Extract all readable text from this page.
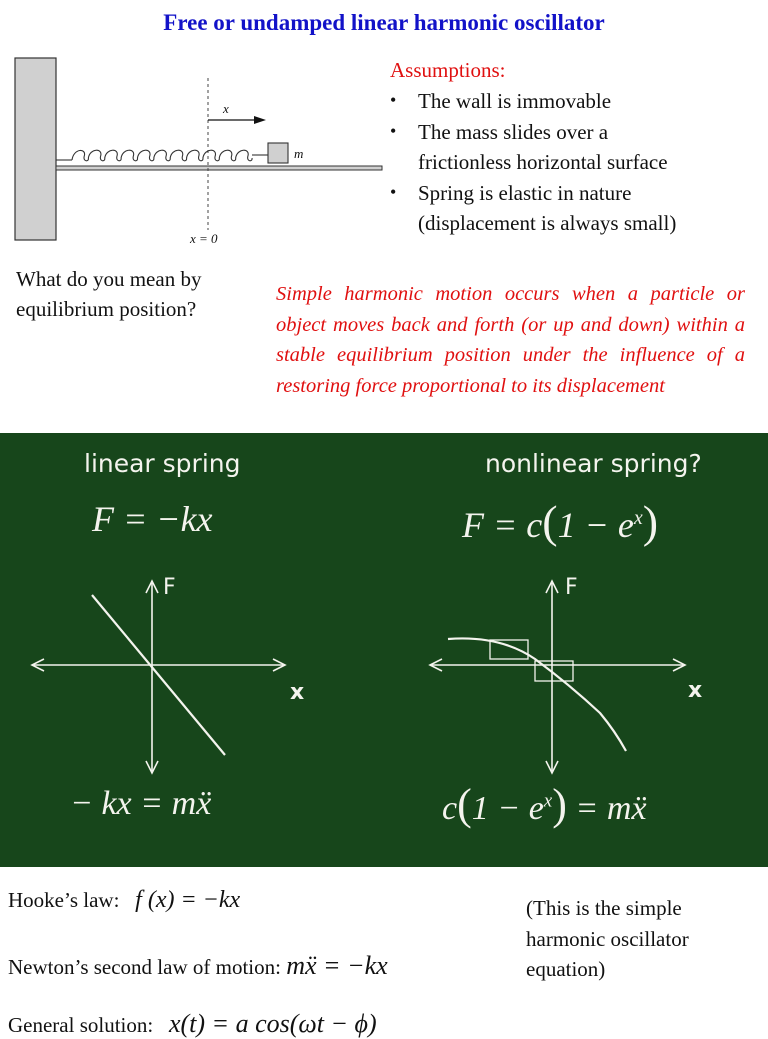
Free or undamped linear harmonic oscillator
x
m
x = 0
Assumptions:
• The wall is immovable
• The mass slides over a
frictionless horizontal surface
• Spring is elastic in nature
(displacement is always small)
What do you mean by
equilibrium position?
Simple harmonic motion occurs when a particle or object moves back and forth (or up and down) within a stable equilibrium position under the influence of a restoring force proportional to its displacement
linear spring
F = −kx
F
x
− kx = mẍ
nonlinear spring?
$F = c(1 - e^x)$
F
x
$c(1 - e^x)$ = mẍ
Hooke’s law: f (x) = −kx
Newton’s second law of motion: mẍ = −kx
(This is the simple
harmonic oscillator
equation)
General solution: x(t) = a cos(ωt − ϕ)
